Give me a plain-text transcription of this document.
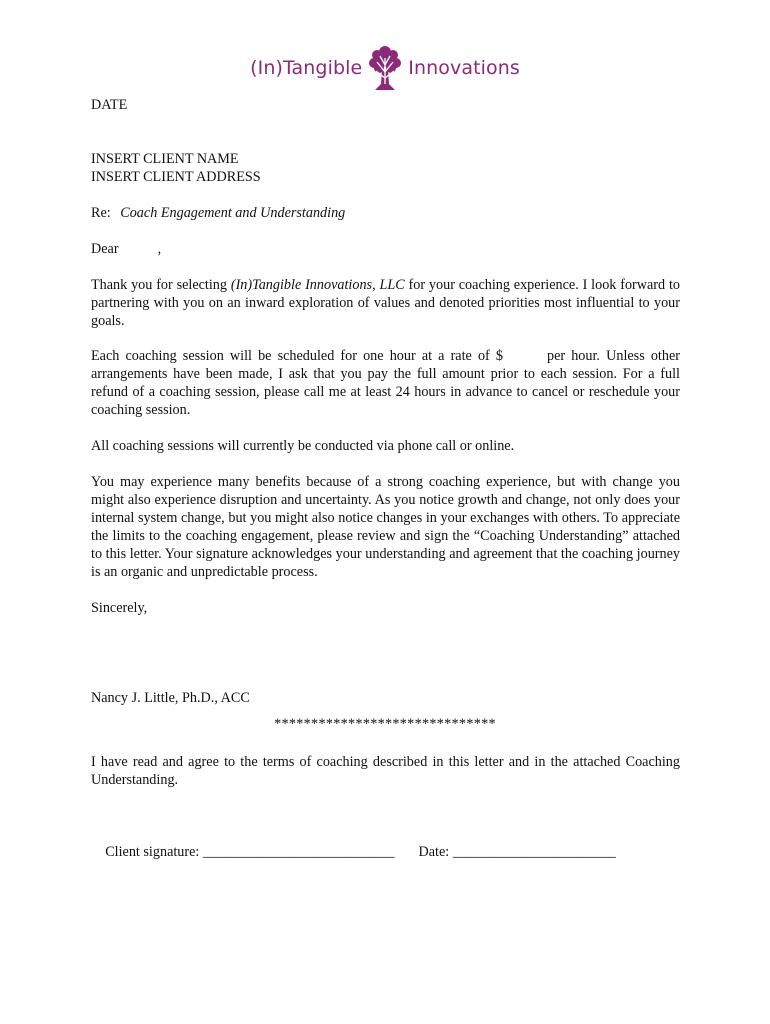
(In)Tangible Innovations
DATE
INSERT CLIENT NAME
INSERT CLIENT ADDRESS
Re: Coach Engagement and Understanding
Dear	,
Thank you for selecting (In)Tangible Innovations, LLC for your coaching experience. I look forward to partnering with you on an inward exploration of values and denoted priorities most influential to your goals.
Each coaching session will be scheduled for one hour at a rate of $	per hour. Unless other arrangements have been made, I ask that you pay the full amount prior to each session. For a full refund of a coaching session, please call me at least 24 hours in advance to cancel or reschedule your coaching session.
All coaching sessions will currently be conducted via phone call or online.
You may experience many benefits because of a strong coaching experience, but with change you might also experience disruption and uncertainty. As you notice growth and change, not only does your internal system change, but you might also notice changes in your exchanges with others. To appreciate the limits to the coaching engagement, please review and sign the “Coaching Understanding” attached to this letter. Your signature acknowledges your understanding and agreement that the coaching journey is an organic and unpredictable process.
Sincerely,
Nancy J. Little, Ph.D., ACC
******************************
I have read and agree to the terms of coaching described in this letter and in the attached Coaching Understanding.

Client signature: ___________________________ Date: _______________________
